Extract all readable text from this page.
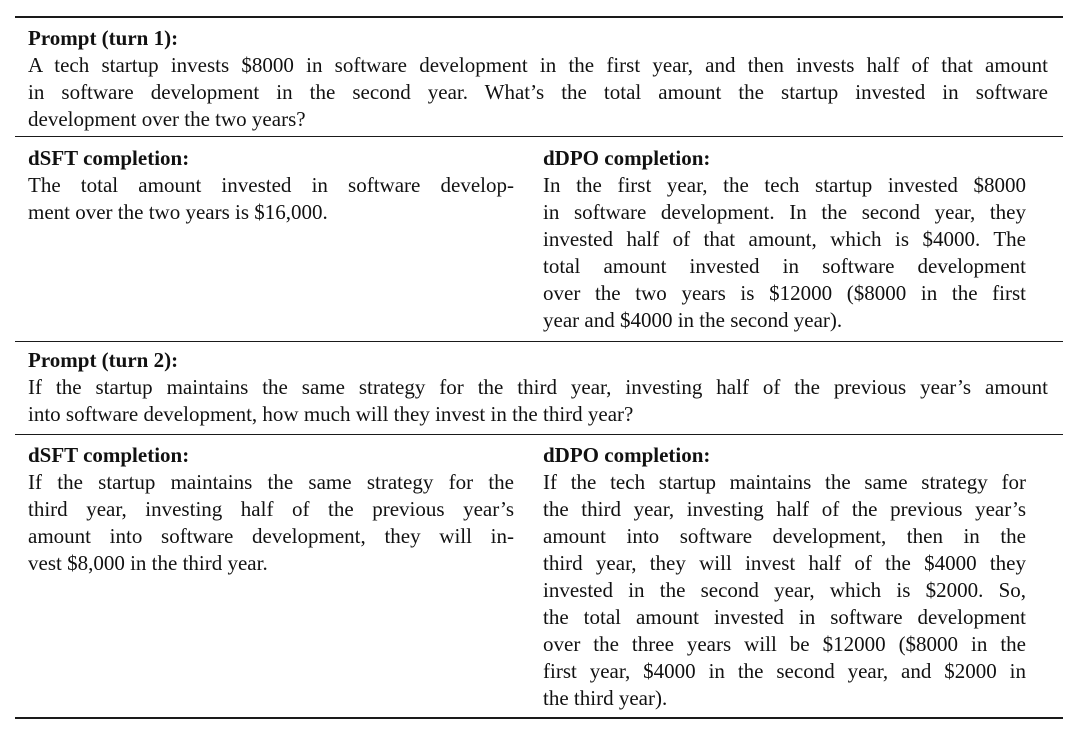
Prompt (turn 1):
A tech startup invests $8000 in software development in the first year, and then invests half of that amount
in software development in the second year. What’s the total amount the startup invested in software
development over the two years?
dSFT completion:
The total amount invested in software develop-
ment over the two years is $16,000.
dDPO completion:
In the first year, the tech startup invested $8000
in software development. In the second year, they
invested half of that amount, which is $4000. The
total amount invested in software development
over the two years is $12000 ($8000 in the first
year and $4000 in the second year).
Prompt (turn 2):
If the startup maintains the same strategy for the third year, investing half of the previous year’s amount
into software development, how much will they invest in the third year?
dSFT completion:
If the startup maintains the same strategy for the
third year, investing half of the previous year’s
amount into software development, they will in-
vest $8,000 in the third year.
dDPO completion:
If the tech startup maintains the same strategy for
the third year, investing half of the previous year’s
amount into software development, then in the
third year, they will invest half of the $4000 they
invested in the second year, which is $2000. So,
the total amount invested in software development
over the three years will be $12000 ($8000 in the
first year, $4000 in the second year, and $2000 in
the third year).
